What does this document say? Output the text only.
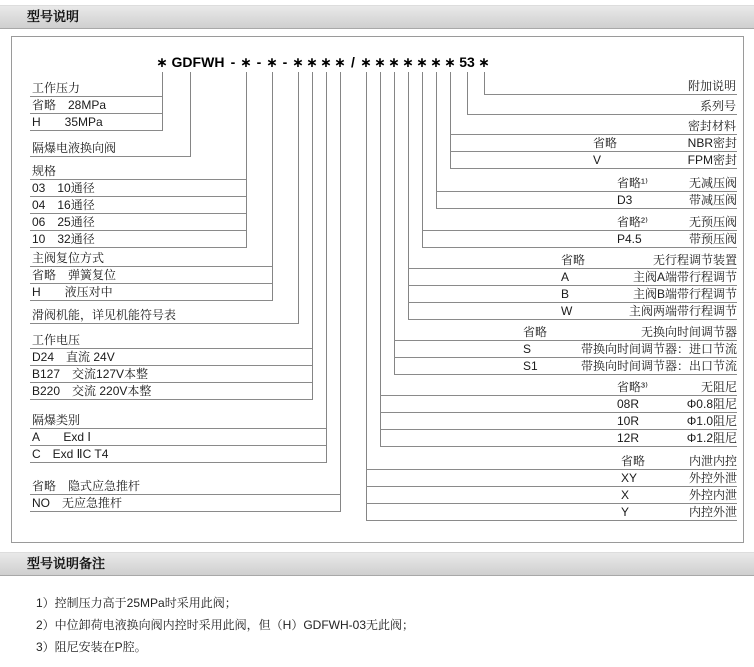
型号说明
∗ GDFWH - ∗ - ∗ - ∗ ∗ ∗ ∗ / ∗ ∗ ∗ ∗ ∗ ∗ ∗ 53 ∗
工作压力
省略　28MPa
H　　35MPa
隔爆电液换向阀
规格
03　10通径
04　16通径
06　25通径
10　32通径
主阀复位方式
省略　弹簧复位
H　　液压对中
滑阀机能，详见机能符号表
工作电压
D24　直流 24V
B127　交流127V本整
B220　交流 220V本整
隔爆类别
A　　Exd Ⅰ
C　Exd ⅡC T4
省略　隐式应急推杆
NO　无应急推杆
附加说明
系列号
密封材料
省略	NBR密封
V	FPM密封
省略¹⁾	无减压阀
D3	带减压阀
省略²⁾	无预压阀
P4.5	带预压阀
省略	无行程调节装置
A	主阀A端带行程调节
B	主阀B端带行程调节
W	主阀两端带行程调节
省略	无换向时间调节器
S	带换向时间调节器：进口节流
S1	带换向时间调节器：出口节流
省略³⁾	无阻尼
08R	Φ0.8阻尼
10R	Φ1.0阻尼
12R	Φ1.2阻尼
省略	内泄内控
XY	外控外泄
X	外控内泄
Y	内控外泄
型号说明备注
1）控制压力高于25MPa时采用此阀；
2）中位卸荷电液换向阀内控时采用此阀，但（H）GDFWH-03无此阀；
3）阻尼安装在P腔。
